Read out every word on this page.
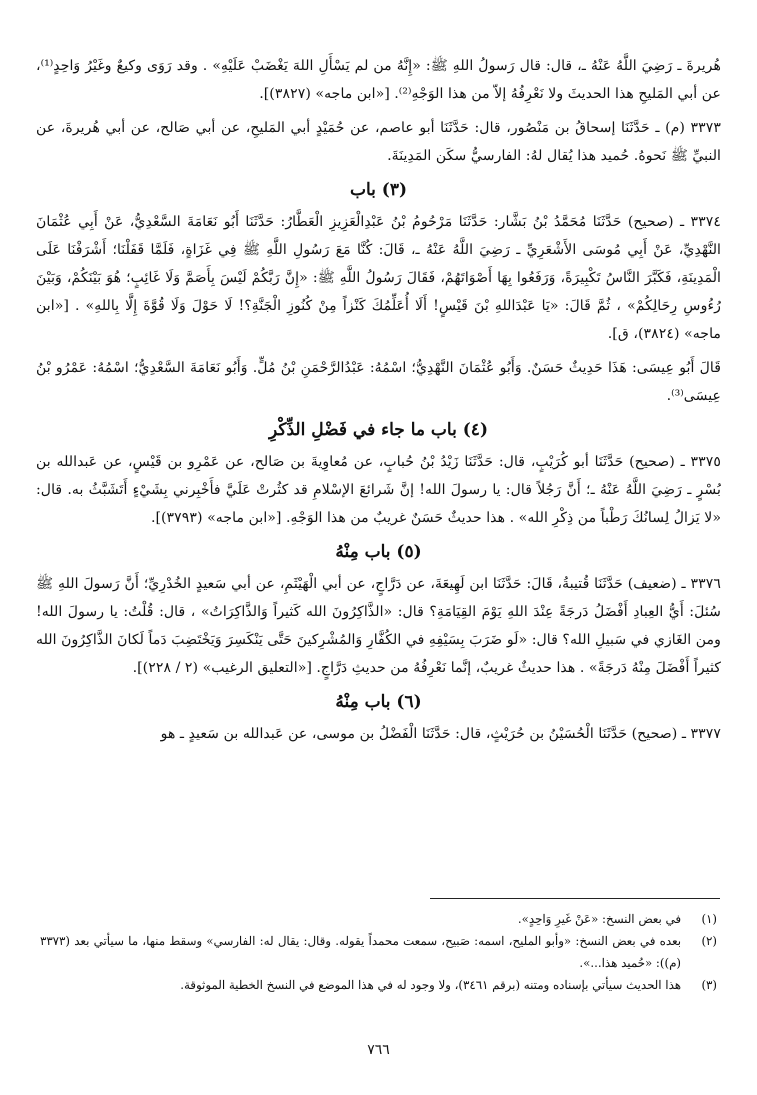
هُريرةَ ـ رَضِيَ اللَّهُ عَنْهُ ـ، قال: قال رَسولُ اللهِ ﷺ: «إِنَّهُ من لم يَسْأَلِ اللهَ يَغْضَبْ عَلَيْهِ» . وقد رَوَى وكيعٌ وغَيْرُ وَاحِدٍ⁽¹⁾، عن أبي المَليحِ هذا الحديثَ ولا نَعْرِفُهُ إلاّ من هذا الوَجْهِ⁽²⁾. [«ابن ماجه» (٣٨٢٧)].

٣٣٧٣ (م) ـ حَدَّثَنَا إسحاقُ بن مَنْصُور، قال: حَدَّثَنَا أبو عاصم، عن حُمَيْدٍ أبي المَليحِ، عن أبي صَالح، عن أبي هُريرةَ، عن النبيِّ ﷺ نَحوهُ. حُميد هذا يُقال لهُ: الفارسيُّ سكَن المَدِينَةَ.

(٣) باب

٣٣٧٤ ـ (صحيح) حَدَّثَنَا مُحَمَّدُ بْنُ بَشَّار: حَدَّثَنَا مَرْحُومُ بْنُ عَبْدِالْعَزِيزِ الْعَطَّارُ: حَدَّثَنَا أَبُو نَعَامَةَ السَّعْدِيُّ، عَنْ أَبِي عُثْمَانَ النَّهْدِيِّ، عَنْ أَبِي مُوسَى الأَشْعَرِيِّ ـ رَضِيَ اللَّهُ عَنْهُ ـ، قَالَ: كُنَّا مَعَ رَسُولِ اللَّهِ ﷺ فِي غَزَاةٍ، فَلَمَّا قَفَلْنَا؛ أَشْرَفْنَا عَلَى الْمَدِينَةِ، فَكَبَّرَ النَّاسُ تَكْبِيرَةً، وَرَفَعُوا بِهَا أَصْوَاتَهُمْ، فَقَالَ رَسُولُ اللَّهِ ﷺ: «إِنَّ رَبَّكُمْ لَيْسَ بِأَصَمَّ وَلَا غَائِبٍ؛ هُوَ بَيْنَكُمْ، وَبَيْنَ رُءُوسِ رِحَالِكُمْ» ، ثُمَّ قَالَ: «يَا عَبْدَاللهِ بْنَ قَيْسٍ! أَلَا أُعَلِّمُكَ كَنْزاً مِنْ كُنُوزِ الْجَنَّةِ؟! لَا حَوْلَ وَلَا قُوَّةَ إِلَّا بِاللهِ» . [«ابن ماجه» (٣٨٢٤)، ق].

قَالَ أَبُو عِيسَى: هَذَا حَدِيثٌ حَسَنٌ. وَأَبُو عُثْمَانَ النَّهْدِيُّ؛ اسْمُهُ: عَبْدُالرَّحْمَنِ بْنُ مُلٍّ. وَأَبُو نَعَامَةَ السَّعْدِيُّ؛ اسْمُهُ: عَمْرُو بْنُ عِيسَى⁽³⁾.

(٤) باب ما جاء في فَضْلِ الذِّكْرِ

٣٣٧٥ ـ (صحيح) حَدَّثَنَا أبو كُرَيْبٍ، قال: حَدَّثَنَا زَيْدُ بْنُ حُبابٍ، عن مُعاوِيةَ بن صَالح، عن عَمْرِو بن قَيْسٍ، عن عَبدالله بن بُسْرٍ ـ رَضِيَ اللَّهُ عَنْهُ ـ؛ أَنَّ رَجُلاً قال: يا رسولَ الله! إنَّ شَرائعَ الإسْلامِ قد كثُرتْ عَلَيَّ فأَخْبِرني بِشَيْءٍ أَتَشَبَّثُ به. قال: «لا يَزالُ لِسانُكَ رَطْباً من ذِكْرِ الله» . هذا حديثٌ حَسَنٌ غريبٌ من هذا الوَجْهِ. [«ابن ماجه» (٣٧٩٣)].

(٥) باب مِنْهُ

٣٣٧٦ ـ (ضعيف) حَدَّثَنَا قُتيبةُ، قَالَ: حَدَّثَنَا ابن لَهِيعَةَ، عن دَرَّاجٍ، عن أبي الْهَيْثَمِ، عن أبي سَعيدٍ الخُدْرِيِّ؛ أَنَّ رَسولَ اللهِ ﷺ سُئلَ: أَيُّ العِبادِ أَفْضَلُ دَرجَةً عِنْدَ اللهِ يَوْمَ القِيَامَةِ؟ قال: «الذَّاكِرُونَ الله كَثيراً وَالذَّاكِرَاتُ» ، قال: قُلْتُ: يا رسولَ الله! ومن الغَازي في سَبيلِ الله؟ قال: «لَو ضَرَبَ بِسَيْفِهِ في الكُفَّارِ وَالمُشْرِكينَ حَتَّى يَنْكَسِرَ وَيَخْتَضِبَ دَماً لَكانَ الذَّاكِرُونَ الله كثيراً أَفْضَلَ مِنْهُ دَرجَةً» . هذا حديثٌ غريبٌ، إنَّما نَعْرِفُهُ من حديثِ دَرَّاجٍ. [«التعليق الرغيب» (٢ / ٢٢٨)].

(٦) باب مِنْهُ

٣٣٧٧ ـ (صحيح) حَدَّثَنَا الْحُسَيْنُ بن حُرَيْثٍ، قال: حَدَّثَنَا الْفَضْلُ بن موسى، عن عَبدالله بن سَعيدٍ ـ هو

(١)
في بعض النسخ: «عَنْ غَيرِ وَاحِدٍ».
(٢)
بعده في بعض النسخ: «وأبو المليح، اسمه: صَبيح، سمعت محمداً يقوله. وقال: يقال له: الفارسي» وسقط منها، ما سيأتي بعد (٣٣٧٣ (م)): «حُميد هذا...».
(٣)
هذا الحديث سيأتي بإسناده ومتنه (برقم ٣٤٦١)، ولا وجود له في هذا الموضع في النسخ الخطية الموثوقة.
٧٦٦
